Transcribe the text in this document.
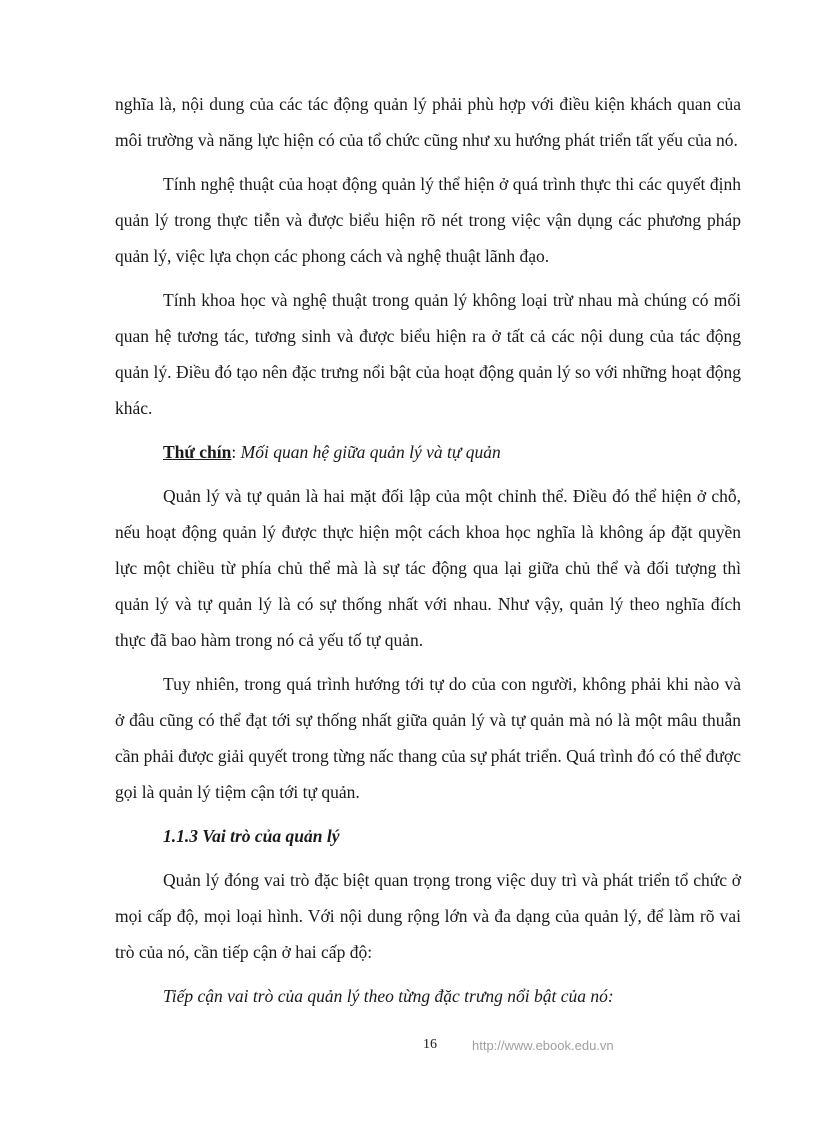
nghĩa là, nội dung của các tác động quản lý phải phù hợp với điều kiện khách quan của môi trường và năng lực hiện có của tổ chức cũng như xu hướng phát triển tất yếu của nó.

Tính nghệ thuật của hoạt động quản lý thể hiện ở quá trình thực thi các quyết định quản lý trong thực tiễn và được biểu hiện rõ nét trong việc vận dụng các phương pháp quản lý, việc lựa chọn các phong cách và nghệ thuật lãnh đạo.

Tính khoa học và nghệ thuật trong quản lý không loại trừ nhau mà chúng có mối quan hệ tương tác, tương sinh và được biểu hiện ra ở tất cả các nội dung của tác động quản lý. Điều đó tạo nên đặc trưng nổi bật của hoạt động quản lý so với những hoạt động khác.

Thứ chín: Mối quan hệ giữa quản lý và tự quản

Quản lý và tự quản là hai mặt đối lập của một chỉnh thể. Điều đó thể hiện ở chỗ, nếu hoạt động quản lý được thực hiện một cách khoa học nghĩa là không áp đặt quyền lực một chiều từ phía chủ thể mà là sự tác động qua lại giữa chủ thể và đối tượng thì quản lý và tự quản lý là có sự thống nhất với nhau. Như vậy, quản lý theo nghĩa đích thực đã bao hàm trong nó cả yếu tố tự quản.

Tuy nhiên, trong quá trình hướng tới tự do của con người, không phải khi nào và ở đâu cũng có thể đạt tới sự thống nhất giữa quản lý và tự quản mà nó là một mâu thuẫn cần phải được giải quyết trong từng nấc thang của sự phát triển. Quá trình đó có thể được gọi là quản lý tiệm cận tới tự quản.

1.1.3 Vai trò của quản lý

Quản lý đóng vai trò đặc biệt quan trọng trong việc duy trì và phát triển tổ chức ở mọi cấp độ, mọi loại hình. Với nội dung rộng lớn và đa dạng của quản lý, để làm rõ vai trò của nó, cần tiếp cận ở hai cấp độ:

Tiếp cận vai trò của quản lý theo từng đặc trưng nổi bật của nó:

16	http://www.ebook.edu.vn
